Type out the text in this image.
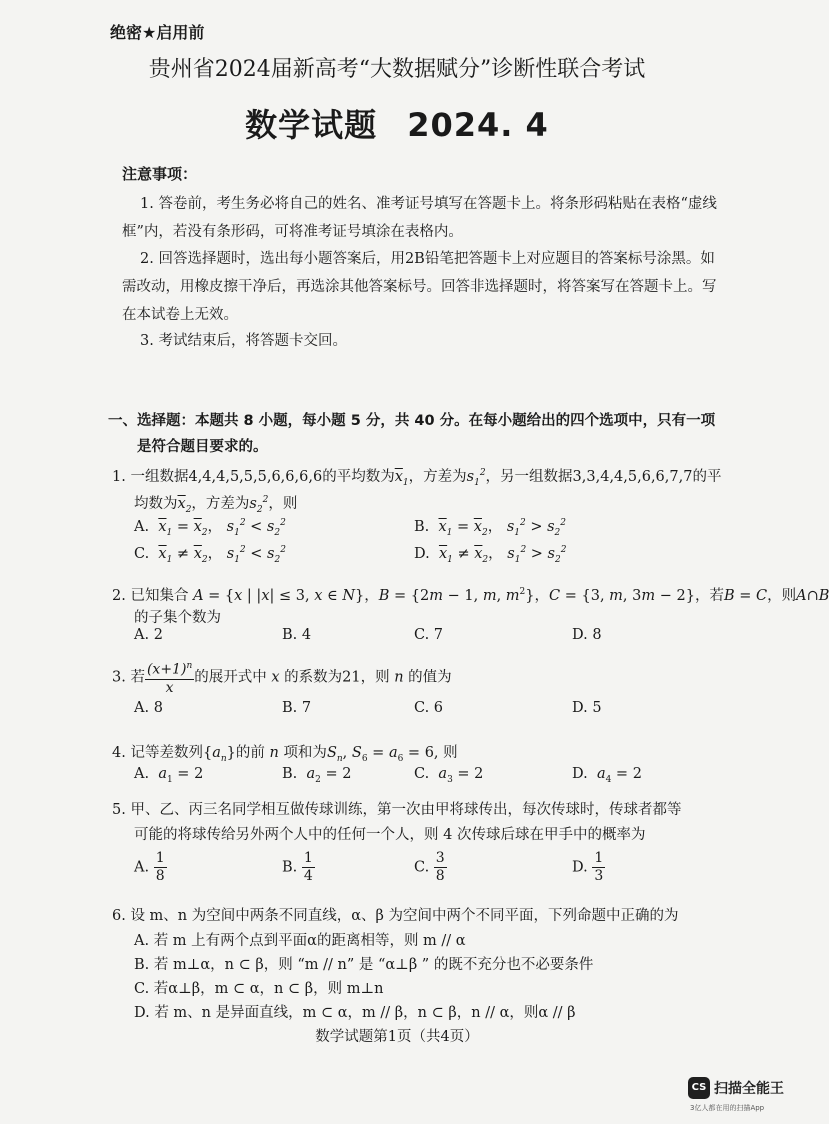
绝密★启用前
贵州省2024届新高考“大数据赋分”诊断性联合考试
数学试题 2024. 4
注意事项：
1. 答卷前，考生务必将自己的姓名、准考证号填写在答题卡上。将条形码粘贴在表格“虚线框”内，若没有条形码，可将准考证号填涂在表格内。
2. 回答选择题时，选出每小题答案后，用2B铅笔把答题卡上对应题目的答案标号涂黑。如需改动，用橡皮擦干净后，再选涂其他答案标号。回答非选择题时，将答案写在答题卡上。写在本试卷上无效。
3. 考试结束后，将答题卡交回。
一、选择题：本题共 8 小题，每小题 5 分，共 40 分。在每小题给出的四个选项中，只有一项
是符合题目要求的。
1. 一组数据4,4,4,5,5,5,6,6,6,6的平均数为$\overline{x}_1$，方差为$s_1^2$，另一组数据3,3,4,4,5,6,6,7,7的平
均数为$\overline{x}_2$，方差为$s_2^2$，则
A. $\overline{x}_1 = \overline{x}_2$， $s_1^2 < s_2^2$	B. $\overline{x}_1 = \overline{x}_2$， $s_1^2 > s_2^2$
C. $\overline{x}_1 \ne \overline{x}_2$， $s_1^2 < s_2^2$	D. $\overline{x}_1 \ne \overline{x}_2$， $s_1^2 > s_2^2$
2. 已知集合 A = {x | |x| ≤ 3, x ∈ N}，B = {2m − 1, m, $m^2$}，C = {3, m, 3m − 2}，若B = C，则A∩B
的子集个数为
A. 2	B. 4	C. 7	D. 8
3. 若 $\frac{(x+1)^n}{x}$ 的展开式中 x 的系数为21，则 n 的值为
A. 8	B. 7	C. 6	D. 5
4. 记等差数列$\{a_n\}$的前 n 项和为$S_n$, $S_6 = a_6 = 6$, 则
A. $a_1 = 2$	B. $a_2 = 2$	C. $a_3 = 2$	D. $a_4 = 2$
5. 甲、乙、丙三名同学相互做传球训练，第一次由甲将球传出，每次传球时，传球者都等
可能的将球传给另外两个人中的任何一个人，则 4 次传球后球在甲手中的概率为
A. $\frac{1}{8}$	B. $\frac{1}{4}$	C. $\frac{3}{8}$	D. $\frac{1}{3}$
6. 设 m、n 为空间中两条不同直线，α、β 为空间中两个不同平面，下列命题中正确的为
A. 若 m 上有两个点到平面α的距离相等，则 m // α
B. 若 m⊥α，n ⊂ β，则 “m // n” 是 “α⊥β ” 的既不充分也不必要条件
C. 若α⊥β，m ⊂ α，n ⊂ β，则 m⊥n
D. 若 m、n 是异面直线，m ⊂ α，m // β，n ⊂ β，n // α，则α // β
数学试题第1页（共4页）
CS 扫描全能王
3亿人都在用的扫描App
